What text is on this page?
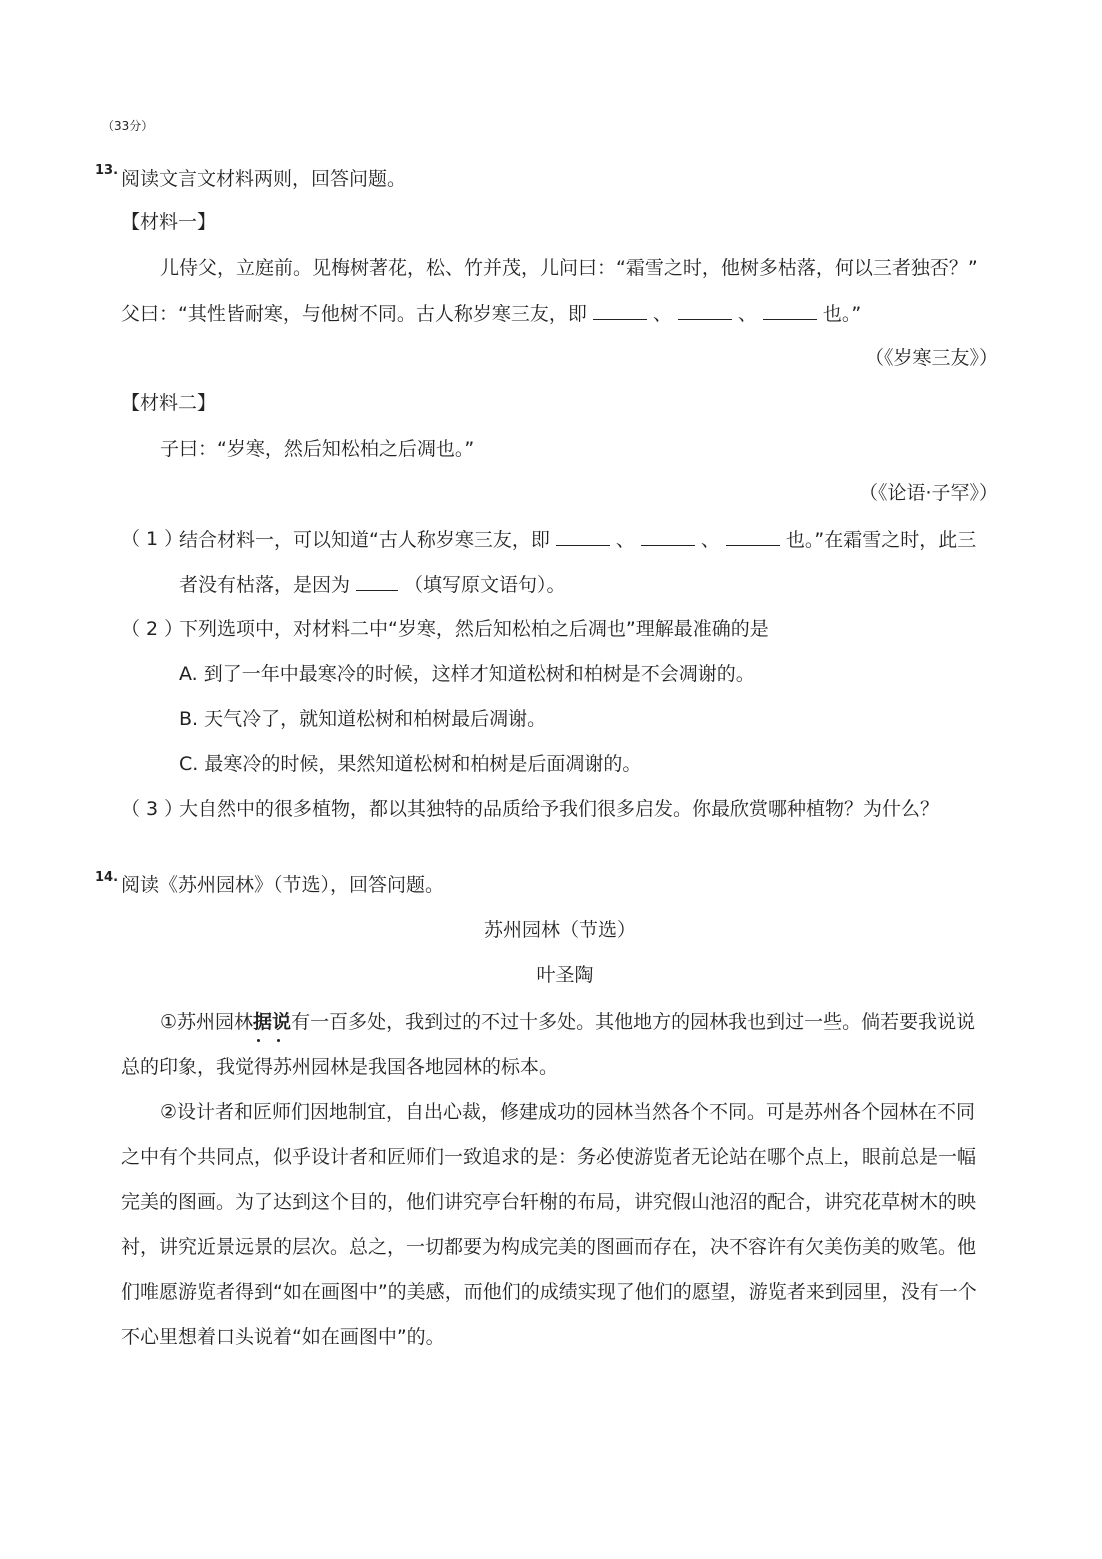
（33分）
13. 阅读文言文材料两则，回答问题。
【材料一】
儿侍父，立庭前。见梅树著花，松、竹并茂，儿问曰：“霜雪之时，他树多枯落，何以三者独否？”
父曰：“其性皆耐寒，与他树不同。古人称岁寒三友，即	、	、	也。”
（《岁寒三友》）
【材料二】
子曰：“岁寒，然后知松柏之后凋也。”
（《论语·子罕》）
（ 1 ）
结合材料一，可以知道“古人称岁寒三友，即	、	、	也。”在霜雪之时，此三
者没有枯落，是因为	（填写原文语句）。
（ 2 ）
下列选项中，对材料二中“岁寒，然后知松柏之后凋也”理解最准确的是
A. 到了一年中最寒冷的时候，这样才知道松树和柏树是不会凋谢的。
B. 天气冷了，就知道松树和柏树最后凋谢。
C. 最寒冷的时候，果然知道松树和柏树是后面凋谢的。
（ 3 ）
大自然中的很多植物，都以其独特的品质给予我们很多启发。你最欣赏哪种植物？为什么？
14. 阅读《苏州园林》（节选），回答问题。
苏州园林（节选）
叶圣陶
①苏州园林据说
有一百多处，我到过的不过十多处。其他地方的园林我也到过一些。倘若要我说说
总的印象，我觉得苏州园林是我国各地园林的标本。
②设计者和匠师们因地制宜，自出心裁，修建成功的园林当然各个不同。可是苏州各个园林在不同
之中有个共同点，似乎设计者和匠师们一致追求的是：务必使游览者无论站在哪个点上，眼前总是一幅
完美的图画。为了达到这个目的，他们讲究亭台轩榭的布局，讲究假山池沼的配合，讲究花草树木的映
衬，讲究近景远景的层次。总之，一切都要为构成完美的图画而存在，决不容许有欠美伤美的败笔。他
们唯愿游览者得到“如在画图中”的美感，而他们的成绩实现了他们的愿望，游览者来到园里，没有一个
不心里想着口头说着“如在画图中”的。
